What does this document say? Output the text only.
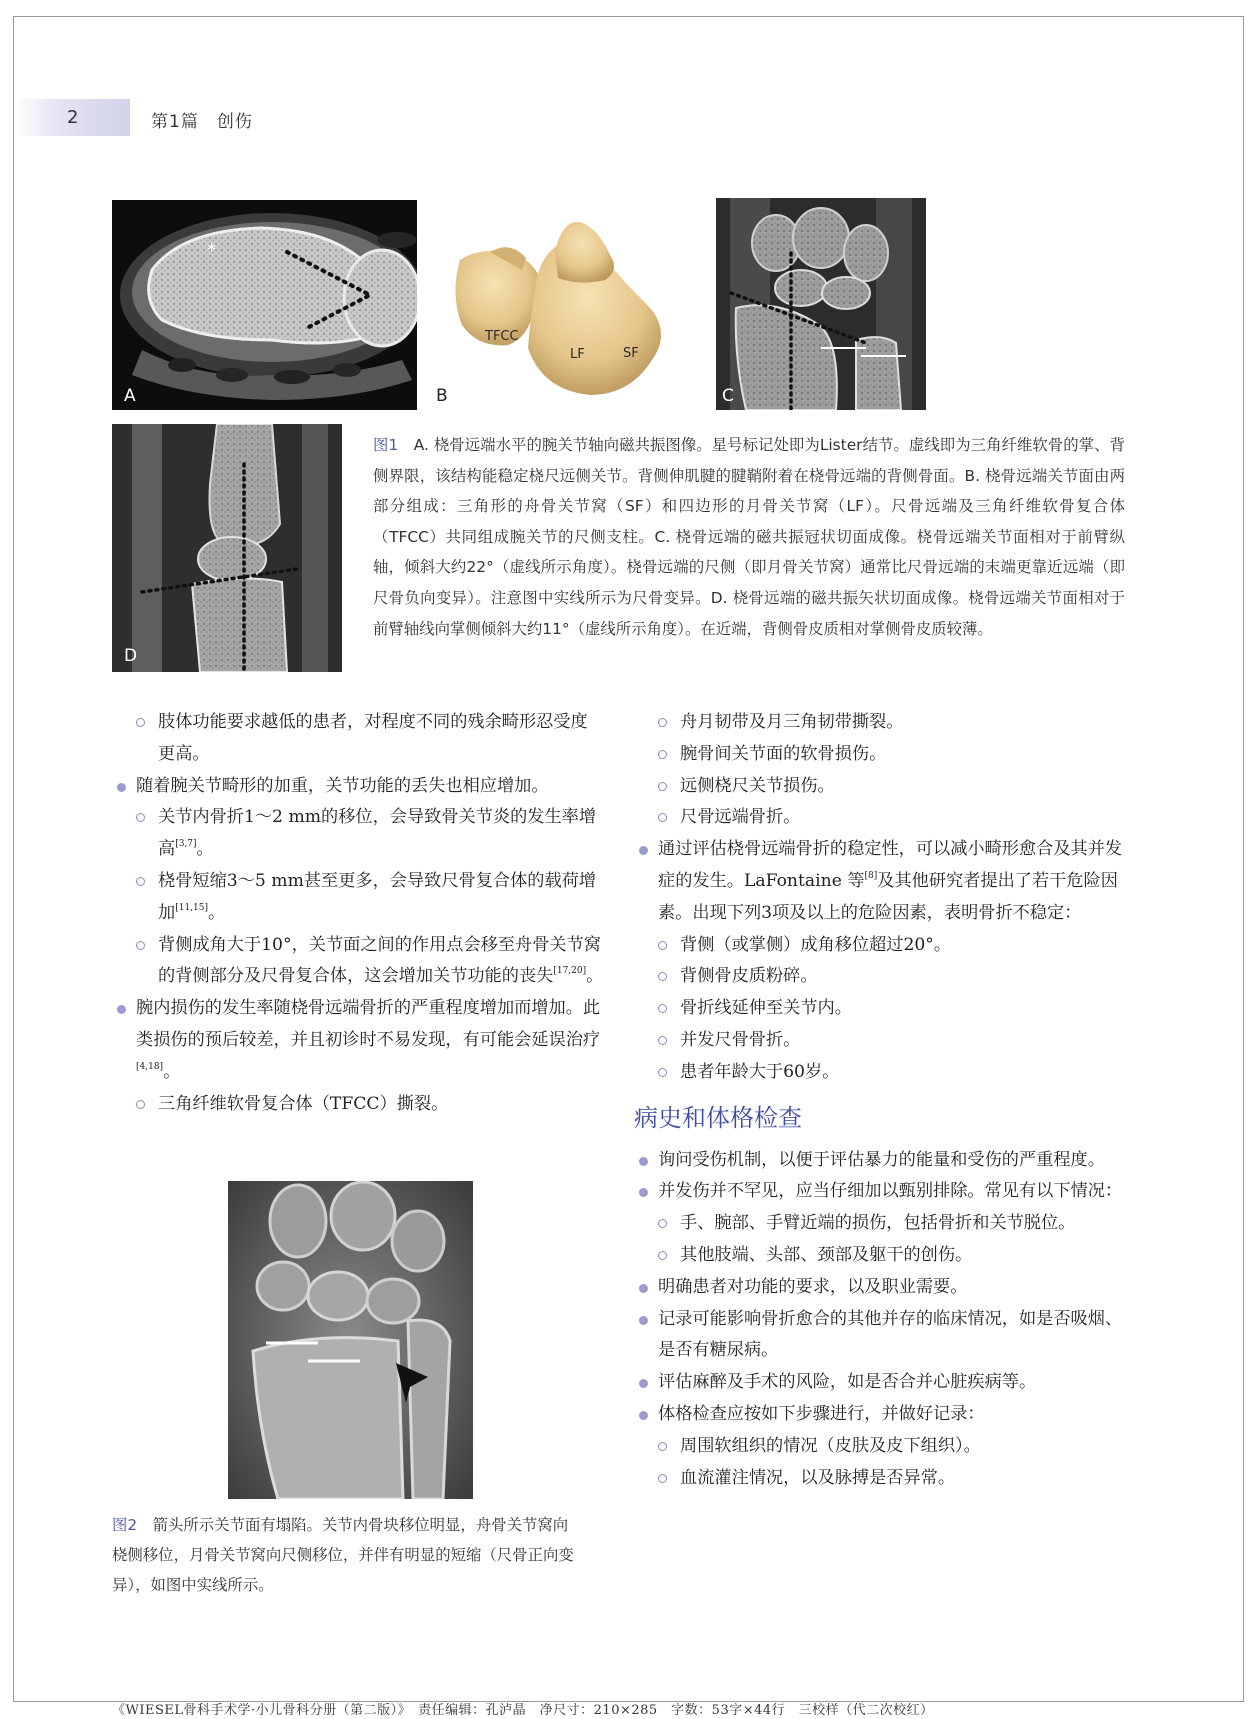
2	第1篇　创伤
*
A
TFCC
LF	SF
B	C
D
图1　 A. 桡骨远端水平的腕关节轴向磁共振图像。星号标记处即为Lister结节。虚线即为三角纤维软骨的掌、背侧界限，该结构能稳定桡尺远侧关节。背侧伸肌腱的腱鞘附着在桡骨远端的背侧骨面。B. 桡骨远端关节面由两部分组成：三角形的舟骨关节窝（SF）和四边形的月骨关节窝（LF）。尺骨远端及三角纤维软骨复合体（TFCC）共同组成腕关节的尺侧支柱。C. 桡骨远端的磁共振冠状切面成像。桡骨远端关节面相对于前臂纵轴，倾斜大约22°（虚线所示角度）。桡骨远端的尺侧（即月骨关节窝）通常比尺骨远端的末端更靠近远端（即尺骨负向变异）。注意图中实线所示为尺骨变异。D. 桡骨远端的磁共振矢状切面成像。桡骨远端关节面相对于前臂轴线向掌侧倾斜大约11°（虚线所示角度）。在近端，背侧骨皮质相对掌侧骨皮质较薄。
肢体功能要求越低的患者，对程度不同的残余畸形忍受度更高。
随着腕关节畸形的加重，关节功能的丢失也相应增加。
关节内骨折1～2 mm的移位，会导致骨关节炎的发生率增高[3,7]。
桡骨短缩3～5 mm甚至更多，会导致尺骨复合体的载荷增加[11,15]。
背侧成角大于10°，关节面之间的作用点会移至舟骨关节窝的背侧部分及尺骨复合体，这会增加关节功能的丧失[17,20]。
腕内损伤的发生率随桡骨远端骨折的严重程度增加而增加。此类损伤的预后较差，并且初诊时不易发现，有可能会延误治疗[4,18]。
三角纤维软骨复合体（TFCC）撕裂。
图2　 箭头所示关节面有塌陷。关节内骨块移位明显，舟骨关节窝向桡侧移位，月骨关节窝向尺侧移位，并伴有明显的短缩（尺骨正向变异），如图中实线所示。
舟月韧带及月三角韧带撕裂。
腕骨间关节面的软骨损伤。
远侧桡尺关节损伤。
尺骨远端骨折。
通过评估桡骨远端骨折的稳定性，可以减小畸形愈合及其并发症的发生。LaFontaine 等[8]及其他研究者提出了若干危险因素。出现下列3项及以上的危险因素，表明骨折不稳定：
背侧（或掌侧）成角移位超过20°。
背侧骨皮质粉碎。
骨折线延伸至关节内。
并发尺骨骨折。
患者年龄大于60岁。
病史和体格检查
询问受伤机制，以便于评估暴力的能量和受伤的严重程度。
并发伤并不罕见，应当仔细加以甄别排除。常见有以下情况：
手、腕部、手臂近端的损伤，包括骨折和关节脱位。
其他肢端、头部、颈部及躯干的创伤。
明确患者对功能的要求，以及职业需要。
记录可能影响骨折愈合的其他并存的临床情况，如是否吸烟、是否有糖尿病。
评估麻醉及手术的风险，如是否合并心脏疾病等。
体格检查应按如下步骤进行，并做好记录：
周围软组织的情况（皮肤及皮下组织）。
血流灌注情况，以及脉搏是否异常。
《WIESEL骨科手术学·小儿骨科分册（第二版）》　责任编辑：孔泸晶　净尺寸：210×285　字数：53字×44行　三校样（代二次校红）
